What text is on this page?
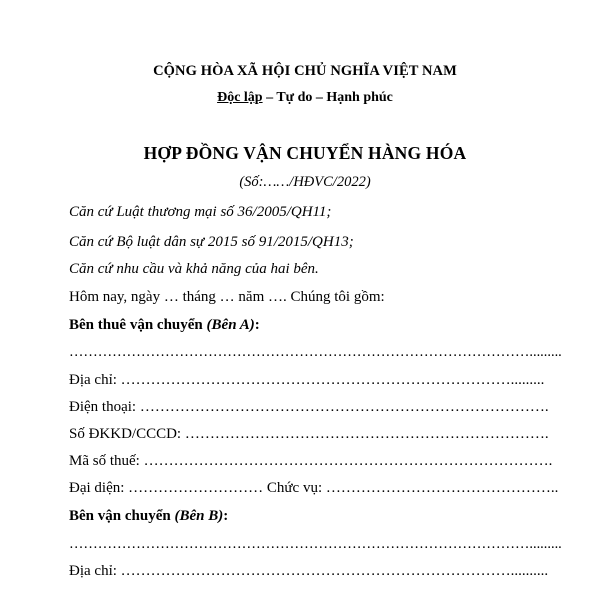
CỘNG HÒA XÃ HỘI CHỦ NGHĨA VIỆT NAM
Độc lập – Tự do – Hạnh phúc
HỢP ĐỒNG VẬN CHUYỂN HÀNG HÓA
(Số:……/HĐVC/2022)
Căn cứ Luật thương mại số 36/2005/QH11;
Căn cứ Bộ luật dân sự 2015 số 91/2015/QH13;
Căn cứ nhu cầu và khả năng của hai bên.
Hôm nay, ngày … tháng … năm …. Chúng tôi gồm:
Bên thuê vận chuyển (Bên A):
…………………………………………………………………………………….........
Địa chỉ: …………………………………………………………………….........
Điện thoại: ……………………………………………………………………….
Số ĐKKD/CCCD: ……………………………………………………………….
Mã số thuế: ……………………………………………………………………….
Đại diện: ……………………… Chức vụ: ………………………………………..
Bên vận chuyển (Bên B):
…………………………………………………………………………………….........
Địa chỉ: ……………………………………………………………………..........
